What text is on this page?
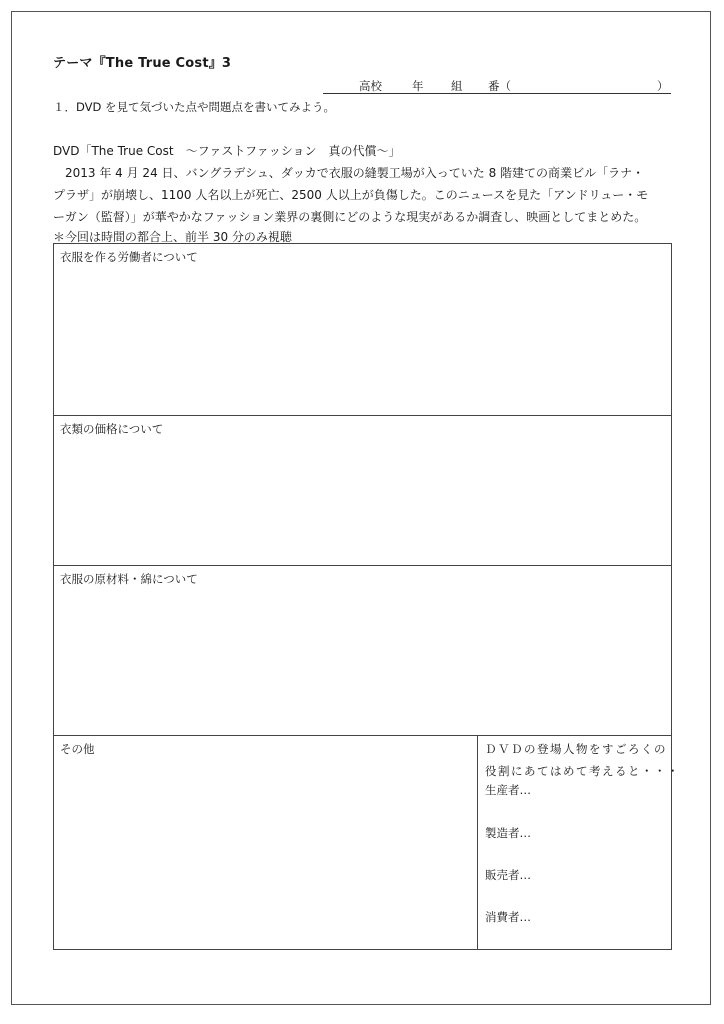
テーマ『The True Cost』3
高校	年 組 番（	）
１．DVD を見て気づいた点や問題点を書いてみよう。
DVD「The True Cost　～ファストファッション　真の代償～」
　2013 年 4 月 24 日、バングラデシュ、ダッカで衣服の縫製工場が入っていた 8 階建ての商業ビル「ラナ・
プラザ」が崩壊し、1100 人名以上が死亡、2500 人以上が負傷した。このニュースを見た「アンドリュー・モ
ーガン（監督）」が華やかなファッション業界の裏側にどのような現実があるか調査し、映画としてまとめた。
＊今回は時間の都合上、前半 30 分のみ視聴
衣服を作る労働者について
衣類の価格について
衣服の原材料・綿について
その他	ＤＶＤの登場人物をすごろくの
役割にあてはめて考えると・・・
生産者…
製造者…
販売者…
消費者…
